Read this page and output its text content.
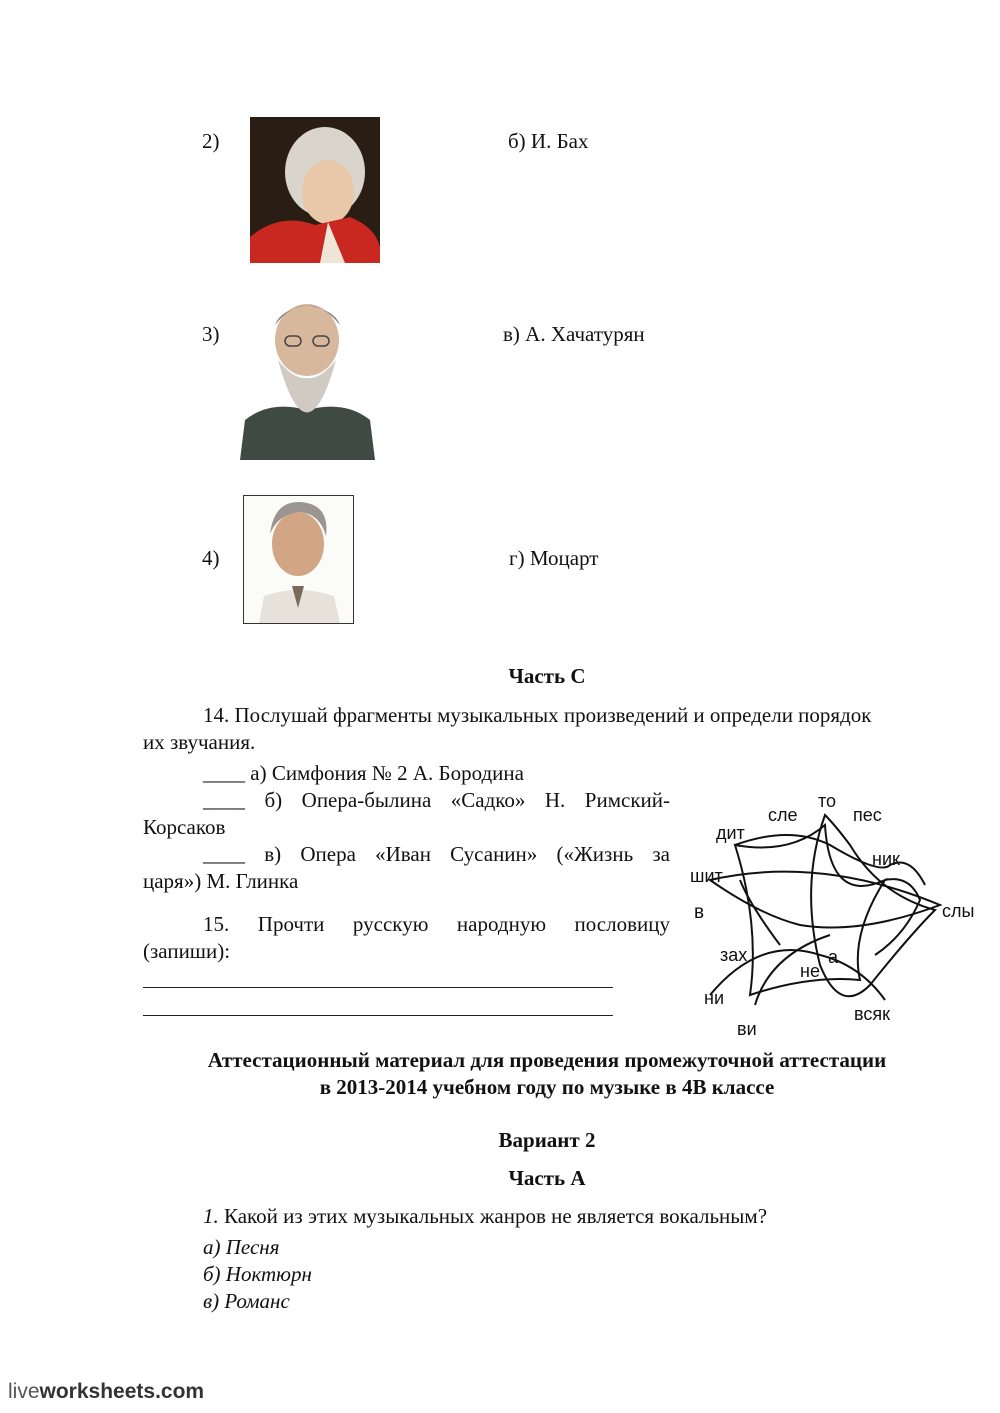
2)	б) И. Бах
3)	в) А. Хачатурян
4)	г) Моцарт
Часть С
14. Послушай фрагменты музыкальных произведений и определи порядок
их звучания.
____ а) Симфония № 2 А. Бородина
____ б) Опера-былина «Садко» Н. Римский-
Корсаков
____ в) Опера «Иван Сусанин» («Жизнь за
царя») М. Глинка
15. Прочти русскую народную пословицу
(запиши):
то
сле	пес
дит
ник
шит
в	слы
зах	а
не
ни
всяк
ви
Аттестационный материал для проведения промежуточной аттестации
в 2013-2014 учебном году по музыке в 4В классе
Вариант 2
Часть А
1. Какой из этих музыкальных жанров не является вокальным?
а) Песня
б) Ноктюрн
в) Романс
liveworksheets.com
